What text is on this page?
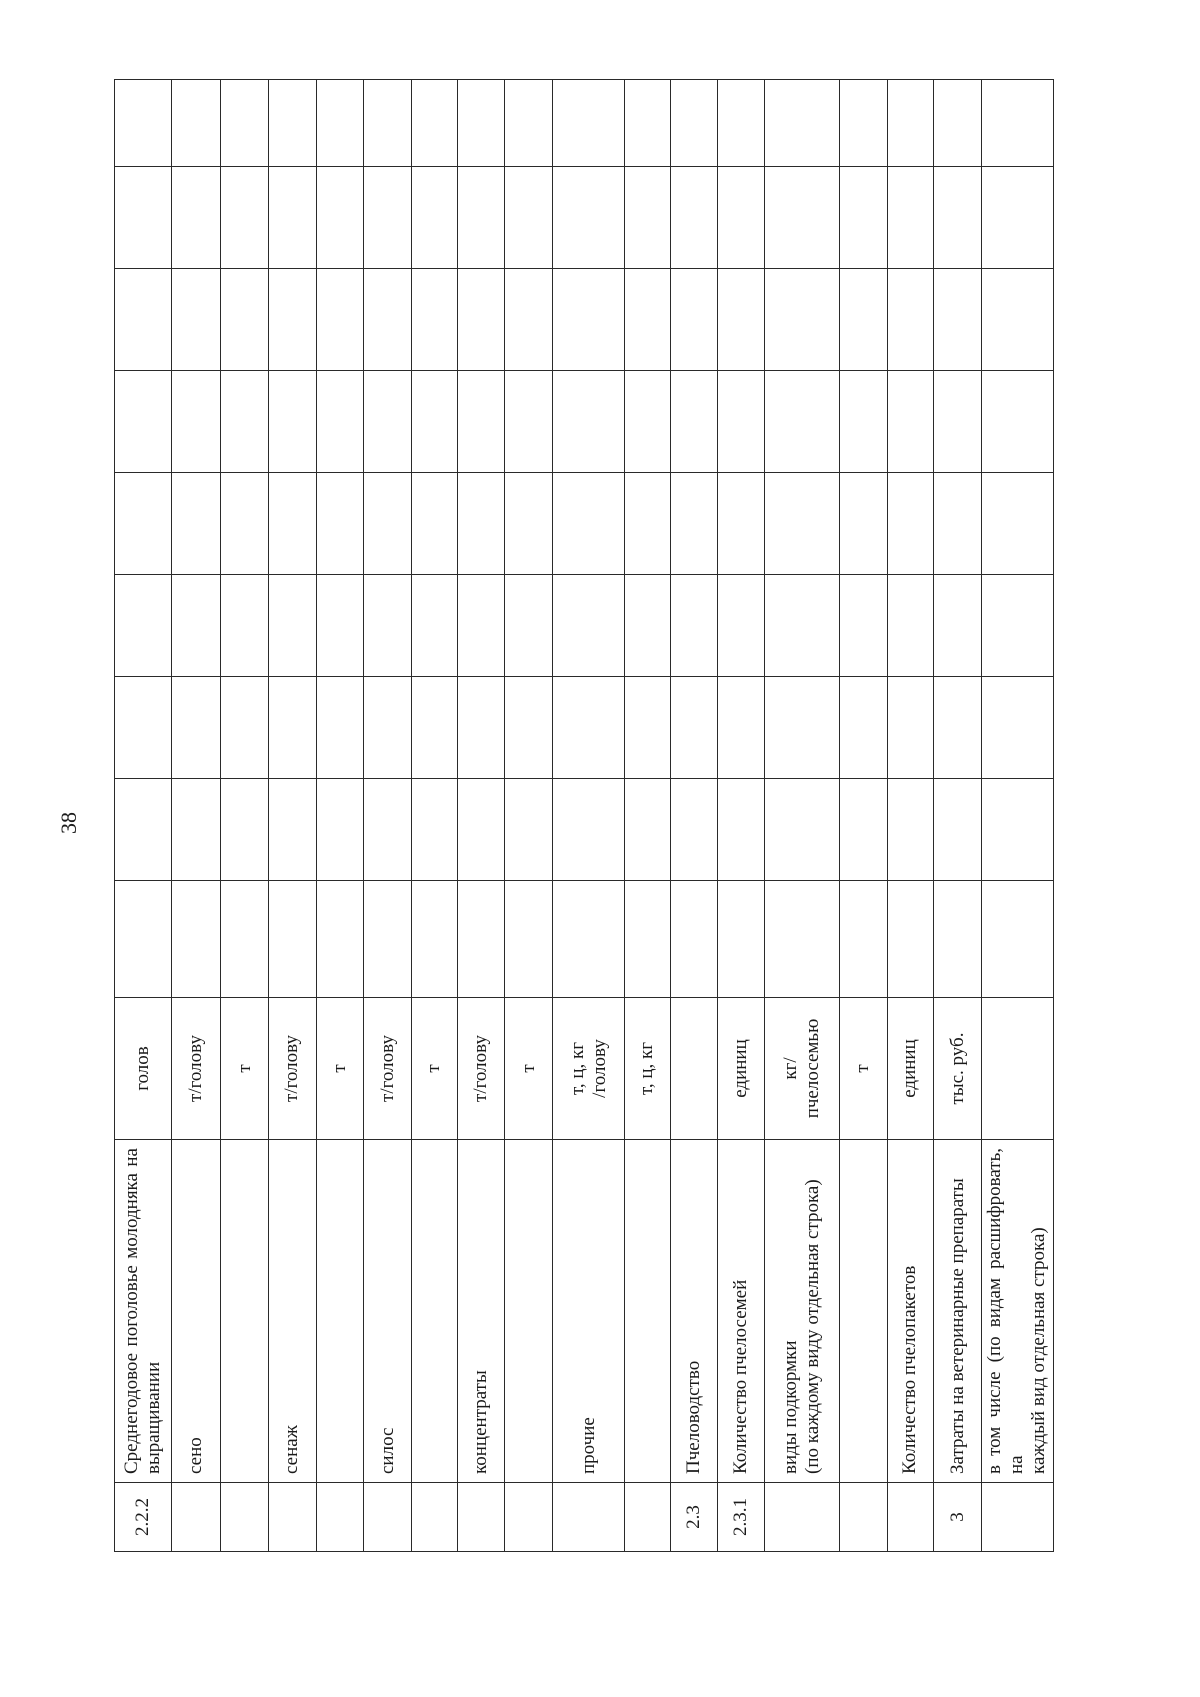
38
2.2.2	Среднегодовое поголовье молодняка на выращивании	голов									
	сено	т/голову									
		т									
	сенаж	т/голову									
		т									
	силос	т/голову									
		т									
	концентраты	т/голову									
		т									
	прочие	т, ц, кг
/голову									
		т, ц, кг									
2.3	Пчеловодство										
2.3.1	Количество пчелосемей	единиц									
	виды подкормки (по каждому виду отдельная строка)	кг/
пчелосемью									
		т									
	Количество пчелопакетов	единиц									
3	Затраты на ветеринарные препараты	тыс. руб.									
	в том числе (по видам расшифровать, на каждый вид отдельная строка)										
